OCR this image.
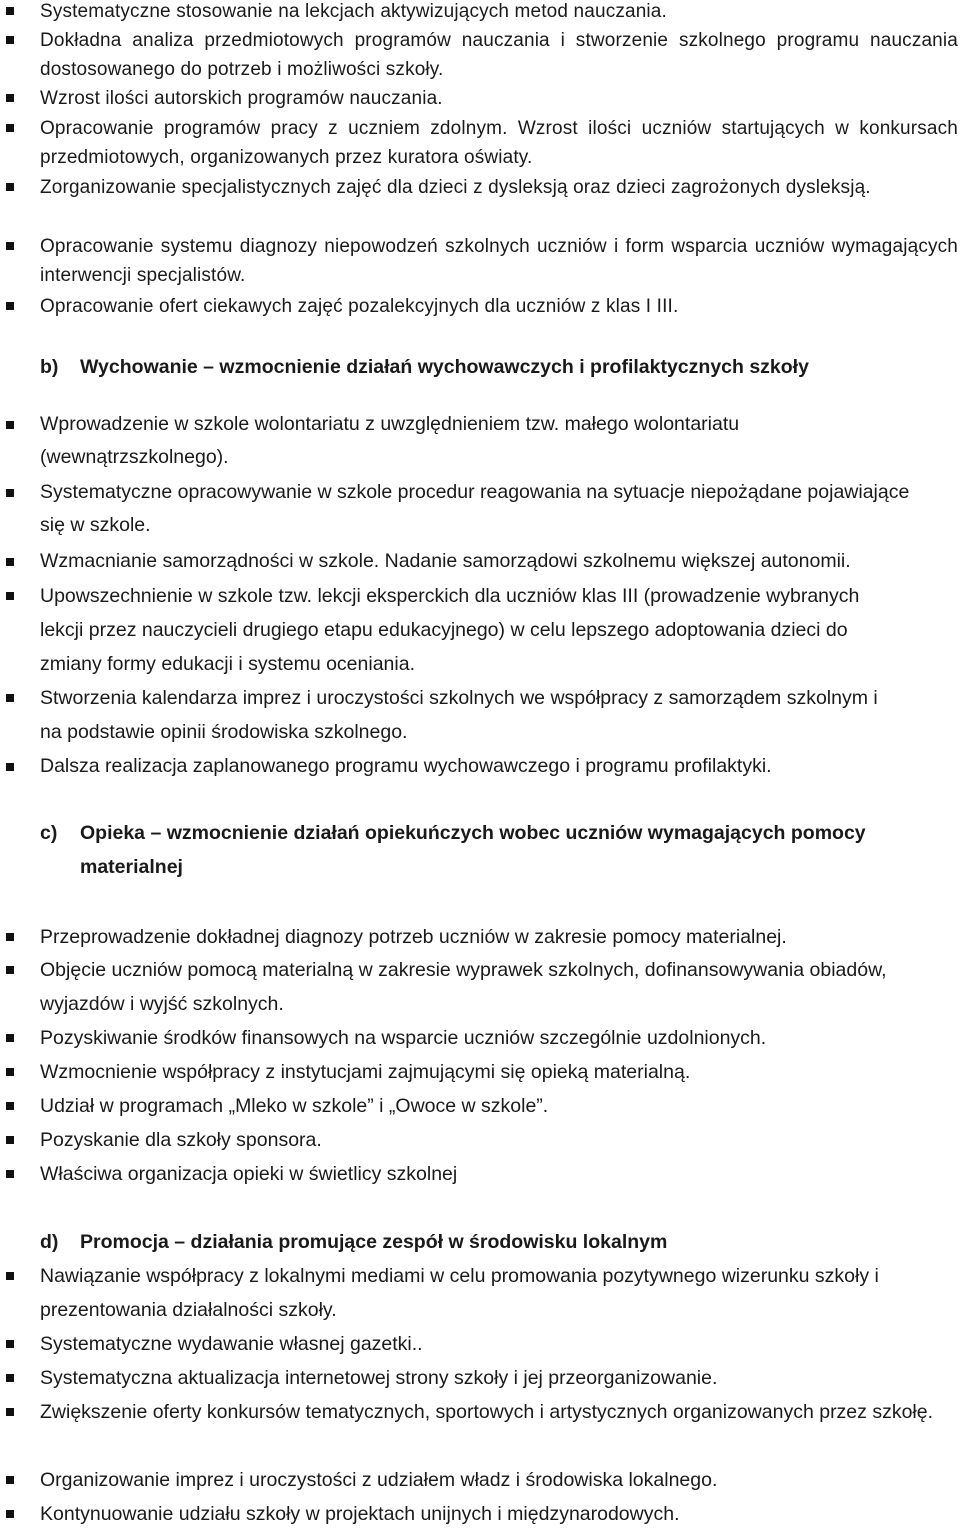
Systematyczne stosowanie na lekcjach aktywizujących metod nauczania.

Dokładna analiza przedmiotowych programów nauczania i stworzenie szkolnego programu nauczania dostosowanego do potrzeb i możliwości szkoły.

Wzrost ilości autorskich programów nauczania.

Opracowanie programów pracy z uczniem zdolnym. Wzrost ilości uczniów startujących w konkursach przedmiotowych, organizowanych przez kuratora oświaty.

Zorganizowanie specjalistycznych zajęć dla dzieci z dysleksją oraz dzieci zagrożonych dysleksją.

Opracowanie systemu diagnozy niepowodzeń szkolnych uczniów i form wsparcia uczniów wymagających interwencji specjalistów.

Opracowanie ofert ciekawych zajęć pozalekcyjnych dla uczniów z klas I III.

b) Wychowanie – wzmocnienie działań wychowawczych i profilaktycznych szkoły

Wprowadzenie w szkole wolontariatu z uwzględnieniem tzw. małego wolontariatu (wewnątrzszkolnego).

Systematyczne opracowywanie w szkole procedur reagowania na sytuacje niepożądane pojawiające się w szkole.

Wzmacnianie samorządności w szkole. Nadanie samorządowi szkolnemu większej autonomii.

Upowszechnienie w szkole tzw. lekcji eksperckich dla uczniów klas III (prowadzenie wybranych lekcji przez nauczycieli drugiego etapu edukacyjnego) w celu lepszego adoptowania dzieci do zmiany formy edukacji i systemu oceniania.

Stworzenia kalendarza imprez i uroczystości szkolnych we współpracy z samorządem szkolnym i na podstawie opinii środowiska szkolnego.

Dalsza realizacja zaplanowanego programu wychowawczego i programu profilaktyki.

c) Opieka – wzmocnienie działań opiekuńczych wobec uczniów wymagających pomocy materialnej

Przeprowadzenie dokładnej diagnozy potrzeb uczniów w zakresie pomocy materialnej.

Objęcie uczniów pomocą materialną w zakresie wyprawek szkolnych, dofinansowywania obiadów, wyjazdów i wyjść szkolnych.

Pozyskiwanie środków finansowych na wsparcie uczniów szczególnie uzdolnionych.

Wzmocnienie współpracy z instytucjami zajmującymi się opieką materialną.

Udział w programach „Mleko w szkole” i „Owoce w szkole”.

Pozyskanie dla szkoły sponsora.

Właściwa organizacja opieki w świetlicy szkolnej

d) Promocja – działania promujące zespół w środowisku lokalnym

Nawiązanie współpracy z lokalnymi mediami w celu promowania pozytywnego wizerunku szkoły i prezentowania działalności szkoły.

Systematyczne wydawanie własnej gazetki..

Systematyczna aktualizacja internetowej strony szkoły i jej przeorganizowanie.

Zwiększenie oferty konkursów tematycznych, sportowych i artystycznych organizowanych przez szkołę.

Organizowanie imprez i uroczystości z udziałem władz i środowiska lokalnego.

Kontynuowanie udziału szkoły w projektach unijnych i międzynarodowych.
